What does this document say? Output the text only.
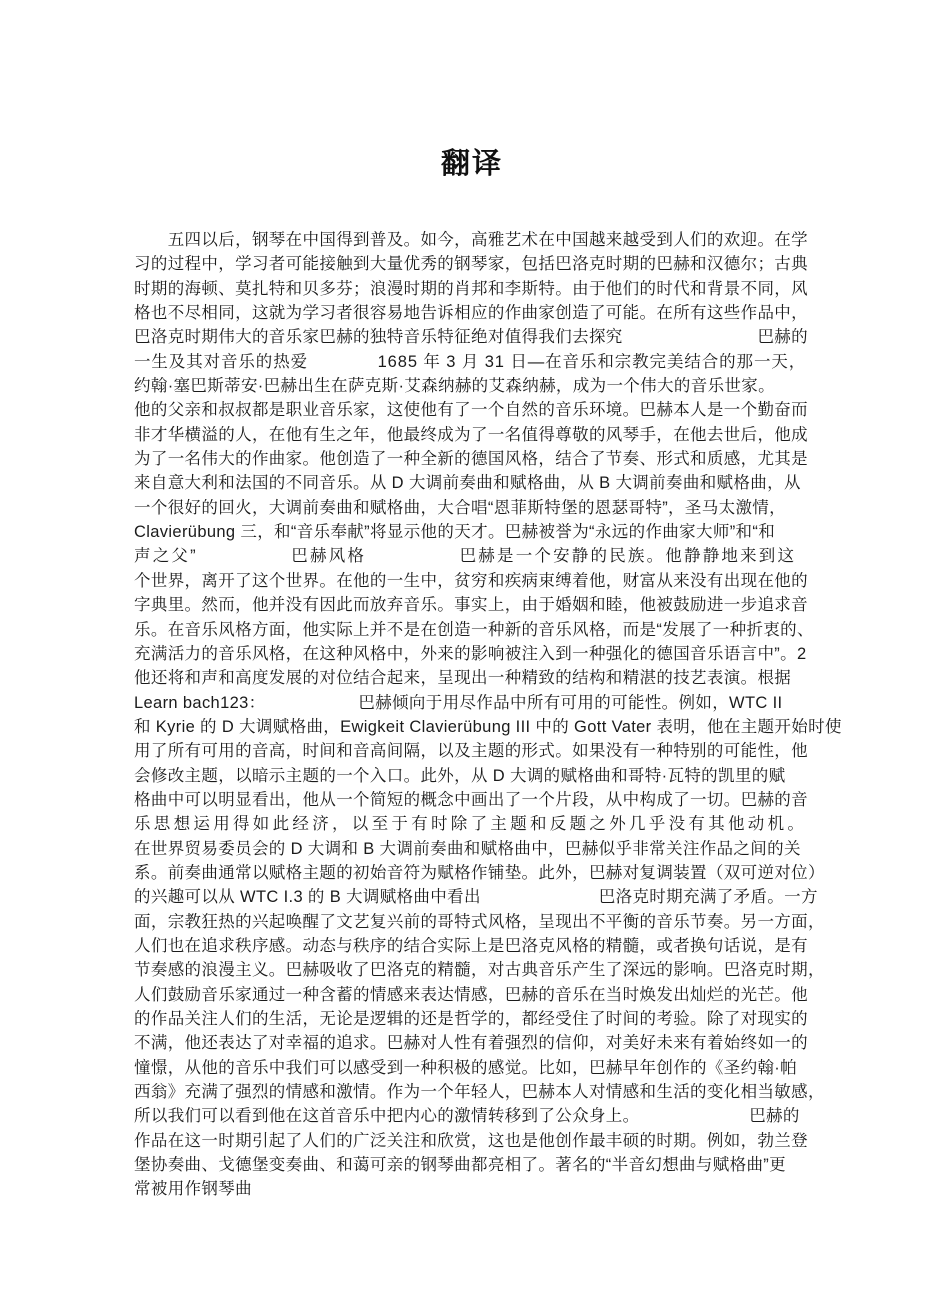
翻译
　　五四以后，钢琴在中国得到普及。如今，高雅艺术在中国越来越受到人们的欢迎。在学
习的过程中，学习者可能接触到大量优秀的钢琴家，包括巴洛克时期的巴赫和汉德尔；古典
时期的海顿、莫扎特和贝多芬；浪漫时期的肖邦和李斯特。由于他们的时代和背景不同，风
格也不尽相同，这就为学习者很容易地告诉相应的作曲家创造了可能。在所有这些作品中，
巴洛克时期伟大的音乐家巴赫的独特音乐特征绝对值得我们去探究　　　　　　　　巴赫的
一生及其对音乐的热爱　　　　1685 年 3 月 31 日—在音乐和宗教完美结合的那一天，
约翰·塞巴斯蒂安·巴赫出生在萨克斯·艾森纳赫的艾森纳赫，成为一个伟大的音乐世家。
他的父亲和叔叔都是职业音乐家，这使他有了一个自然的音乐环境。巴赫本人是一个勤奋而
非才华横溢的人，在他有生之年，他最终成为了一名值得尊敬的风琴手，在他去世后，他成
为了一名伟大的作曲家。他创造了一种全新的德国风格，结合了节奏、形式和质感，尤其是
来自意大利和法国的不同音乐。从 D 大调前奏曲和赋格曲，从 B 大调前奏曲和赋格曲，从
一个很好的回火，大调前奏曲和赋格曲，大合唱“恩菲斯特堡的恩瑟哥特”，圣马太激情，
Clavierübung 三，和“音乐奉献”将显示他的天才。巴赫被誉为“永远的作曲家大师”和“和
声之父”　　　　　巴赫风格　　　　　巴赫是一个安静的民族。他静静地来到这
个世界，离开了这个世界。在他的一生中，贫穷和疾病束缚着他，财富从来没有出现在他的
字典里。然而，他并没有因此而放弃音乐。事实上，由于婚姻和睦，他被鼓励进一步追求音
乐。在音乐风格方面，他实际上并不是在创造一种新的音乐风格，而是“发展了一种折衷的、
充满活力的音乐风格，在这种风格中，外来的影响被注入到一种强化的德国音乐语言中”。2
他还将和声和高度发展的对位结合起来，呈现出一种精致的结构和精湛的技艺表演。根据
Learn bach123：　　　　　　巴赫倾向于用尽作品中所有可用的可能性。例如，WTC II
和 Kyrie 的 D 大调赋格曲，Ewigkeit Clavierübung III 中的 Gott Vater 表明，他在主题开始时使
用了所有可用的音高，时间和音高间隔，以及主题的形式。如果没有一种特别的可能性，他
会修改主题，以暗示主题的一个入口。此外，从 D 大调的赋格曲和哥特·瓦特的凯里的赋
格曲中可以明显看出，他从一个简短的概念中画出了一个片段，从中构成了一切。巴赫的音
乐思想运用得如此经济，以至于有时除了主题和反题之外几乎没有其他动机。
在世界贸易委员会的 D 大调和 B 大调前奏曲和赋格曲中，巴赫似乎非常关注作品之间的关
系。前奏曲通常以赋格主题的初始音符为赋格作铺垫。此外，巴赫对复调装置（双可逆对位）
的兴趣可以从 WTC I.3 的 B 大调赋格曲中看出　　　　　　　巴洛克时期充满了矛盾。一方
面，宗教狂热的兴起唤醒了文艺复兴前的哥特式风格，呈现出不平衡的音乐节奏。另一方面，
人们也在追求秩序感。动态与秩序的结合实际上是巴洛克风格的精髓，或者换句话说，是有
节奏感的浪漫主义。巴赫吸收了巴洛克的精髓，对古典音乐产生了深远的影响。巴洛克时期，
人们鼓励音乐家通过一种含蓄的情感来表达情感，巴赫的音乐在当时焕发出灿烂的光芒。他
的作品关注人们的生活，无论是逻辑的还是哲学的，都经受住了时间的考验。除了对现实的
不满，他还表达了对幸福的追求。巴赫对人性有着强烈的信仰，对美好未来有着始终如一的
憧憬，从他的音乐中我们可以感受到一种积极的感觉。比如，巴赫早年创作的《圣约翰·帕
西翁》充满了强烈的情感和激情。作为一个年轻人，巴赫本人对情感和生活的变化相当敏感，
所以我们可以看到他在这首音乐中把内心的激情转移到了公众身上。　　　　　　　巴赫的
作品在这一时期引起了人们的广泛关注和欣赏，这也是他创作最丰硕的时期。例如，勃兰登
堡协奏曲、戈德堡变奏曲、和蔼可亲的钢琴曲都亮相了。著名的“半音幻想曲与赋格曲”更
常被用作钢琴曲
